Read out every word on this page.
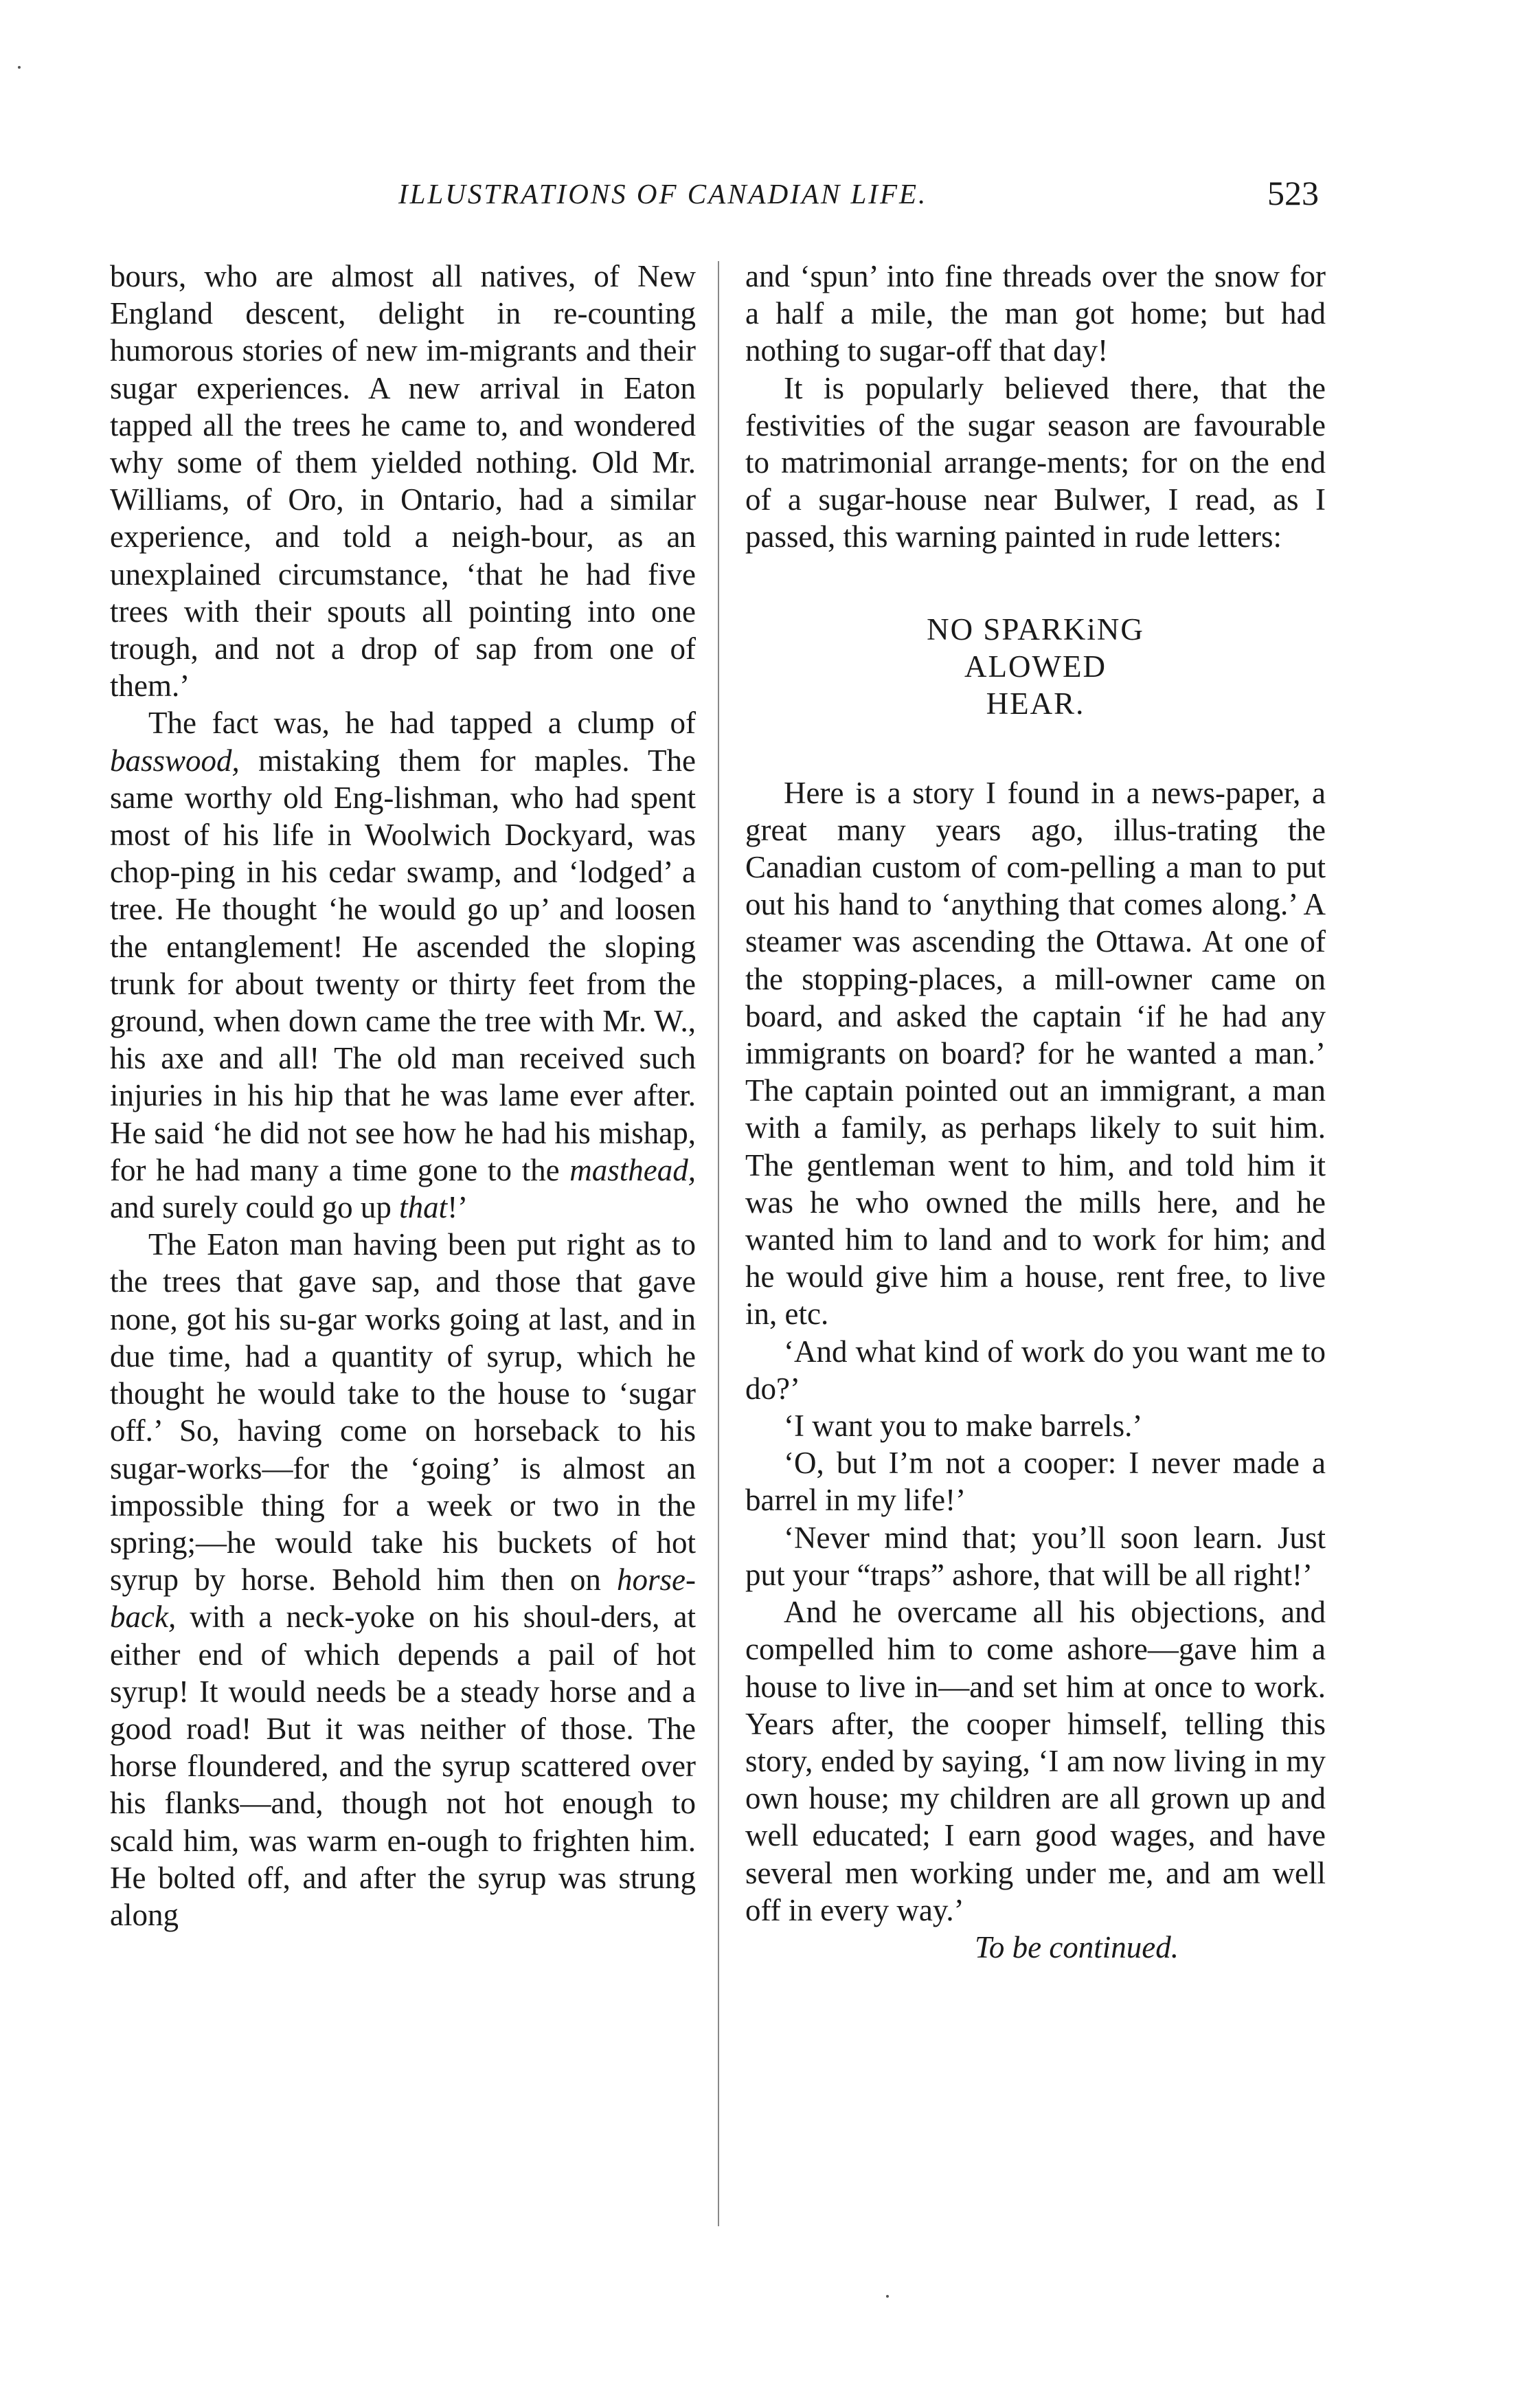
ILLUSTRATIONS OF CANADIAN LIFE.	523

bours, who are almost all natives, of New England descent, delight in re-counting humorous stories of new im-migrants and their sugar experiences. A new arrival in Eaton tapped all the trees he came to, and wondered why some of them yielded nothing. Old Mr. Williams, of Oro, in Ontario, had a similar experience, and told a neigh-bour, as an unexplained circumstance, ‘that he had five trees with their spouts all pointing into one trough, and not a drop of sap from one of them.’

The fact was, he had tapped a clump of basswood, mistaking them for maples. The same worthy old Eng-lishman, who had spent most of his life in Woolwich Dockyard, was chop-ping in his cedar swamp, and ‘lodged’ a tree. He thought ‘he would go up’ and loosen the entanglement! He ascended the sloping trunk for about twenty or thirty feet from the ground, when down came the tree with Mr. W., his axe and all! The old man received such injuries in his hip that he was lame ever after. He said ‘he did not see how he had his mishap, for he had many a time gone to the masthead, and surely could go up that!’

The Eaton man having been put right as to the trees that gave sap, and those that gave none, got his su-gar works going at last, and in due time, had a quantity of syrup, which he thought he would take to the house to ‘sugar off.’ So, having come on horseback to his sugar-works—for the ‘going’ is almost an impossible thing for a week or two in the spring;—he would take his buckets of hot syrup by horse. Behold him then on horse-back, with a neck-yoke on his shoul-ders, at either end of which depends a pail of hot syrup! It would needs be a steady horse and a good road! But it was neither of those. The horse floundered, and the syrup scattered over his flanks—and, though not hot enough to scald him, was warm en-ough to frighten him. He bolted off, and after the syrup was strung along

and ‘spun’ into fine threads over the snow for a half a mile, the man got home; but had nothing to sugar-off that day!

It is popularly believed there, that the festivities of the sugar season are favourable to matrimonial arrange-ments; for on the end of a sugar-house near Bulwer, I read, as I passed, this warning painted in rude letters:

NO SPARKiNG
ALOWED
HEAR.

Here is a story I found in a news-paper, a great many years ago, illus-trating the Canadian custom of com-pelling a man to put out his hand to ‘anything that comes along.’ A steamer was ascending the Ottawa. At one of the stopping-places, a mill-owner came on board, and asked the captain ‘if he had any immigrants on board? for he wanted a man.’ The captain pointed out an immigrant, a man with a family, as perhaps likely to suit him. The gentleman went to him, and told him it was he who owned the mills here, and he wanted him to land and to work for him; and he would give him a house, rent free, to live in, etc.

‘And what kind of work do you want me to do?’

‘I want you to make barrels.’

‘O, but I’m not a cooper: I never made a barrel in my life!’

‘Never mind that; you’ll soon learn. Just put your “traps” ashore, that will be all right!’

And he overcame all his objections, and compelled him to come ashore—gave him a house to live in—and set him at once to work. Years after, the cooper himself, telling this story, ended by saying, ‘I am now living in my own house; my children are all grown up and well educated; I earn good wages, and have several men working under me, and am well off in every way.’

To be continued.
